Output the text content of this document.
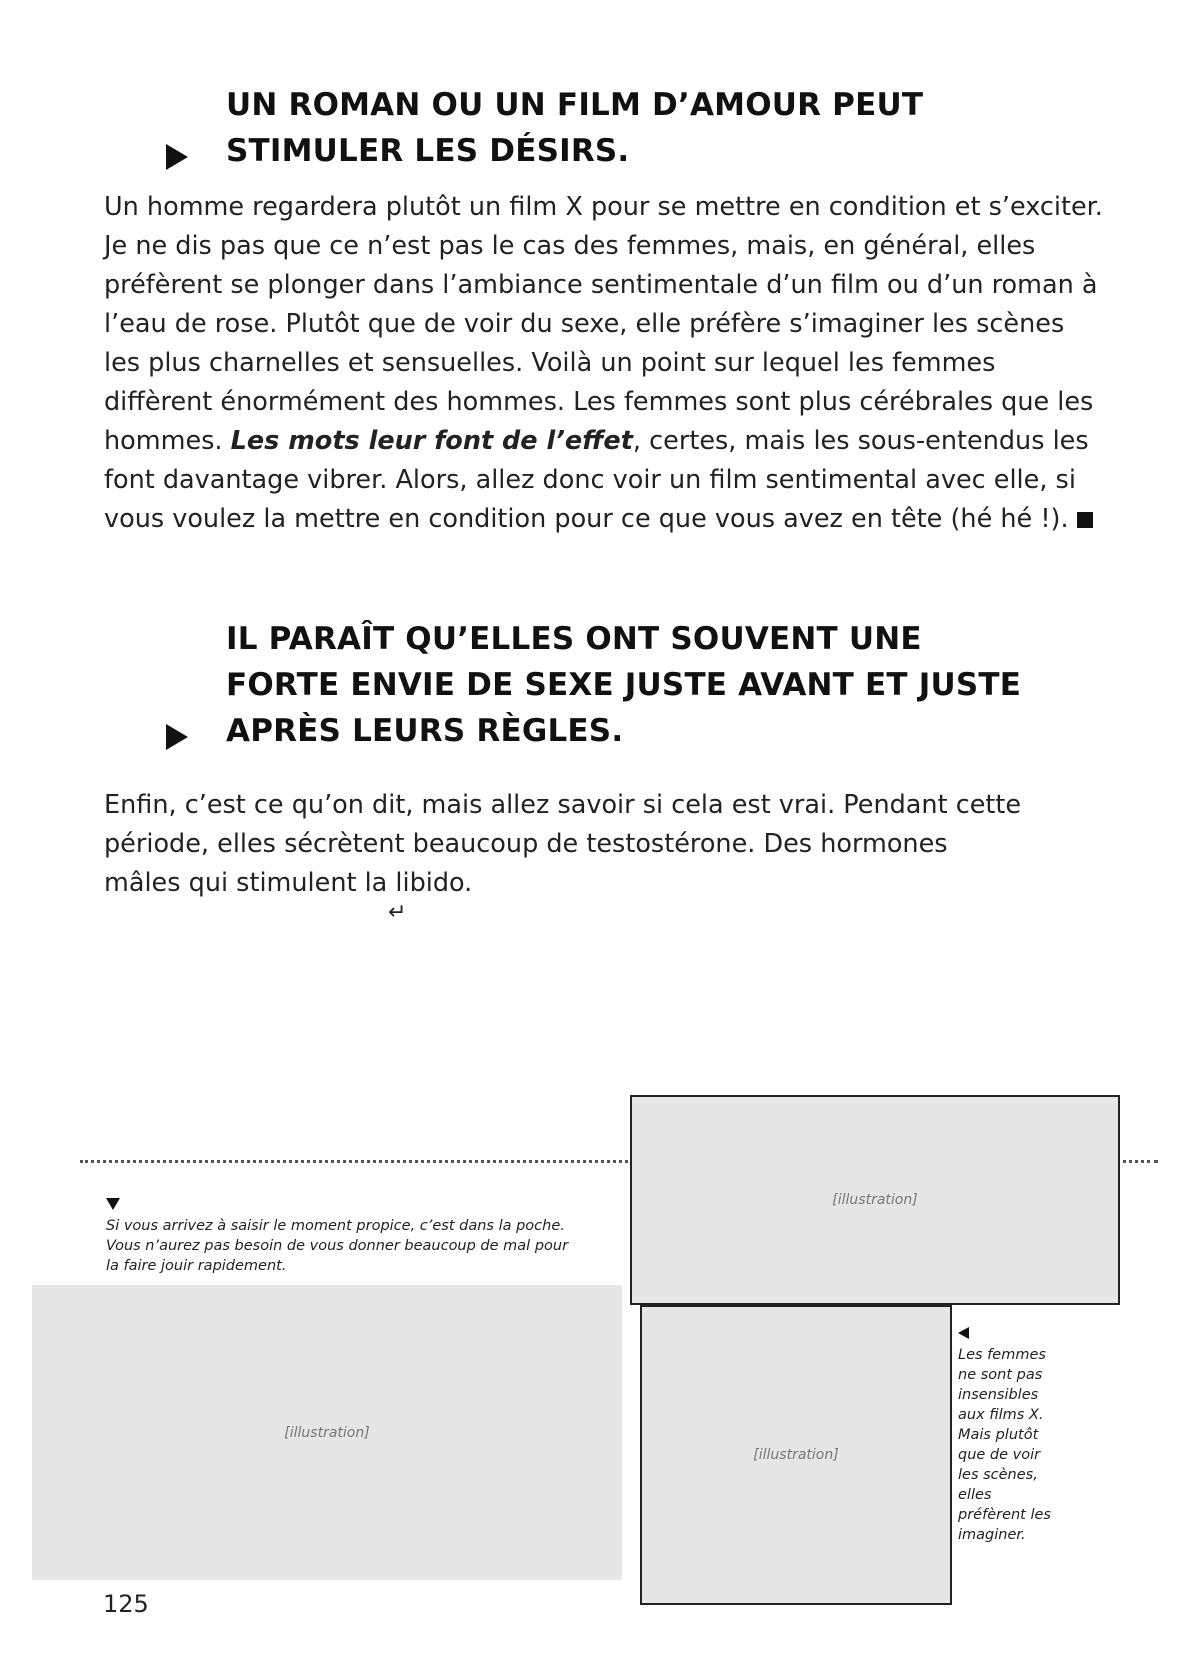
UN ROMAN OU UN FILM D’AMOUR PEUT
STIMULER LES DÉSIRS.
Un homme regardera plutôt un film X pour se mettre en condition et s’exciter. Je ne dis pas que ce n’est pas le cas des femmes, mais, en général, elles préfèrent se plonger dans l’ambiance sentimentale d’un film ou d’un roman à l’eau de rose. Plutôt que de voir du sexe, elle préfère s’imaginer les scènes les plus charnelles et sensuelles. Voilà un point sur lequel les femmes diffèrent énormément des hommes. Les femmes sont plus cérébrales que les hommes. Les mots leur font de l’effet, certes, mais les sous-entendus les font davantage vibrer. Alors, allez donc voir un film sentimental avec elle, si vous voulez la mettre en condition pour ce que vous avez en tête (hé hé !).
IL PARAÎT QU’ELLES ONT SOUVENT UNE
FORTE ENVIE DE SEXE JUSTE AVANT ET JUSTE
APRÈS LEURS RÈGLES.
Enfin, c’est ce qu’on dit, mais allez savoir si cela est vrai. Pendant cette période, elles sécrètent beaucoup de testostérone. Des hormones mâles qui stimulent la libido.
↵
Si vous arrivez à saisir le moment propice, c’est dans la poche. Vous n’aurez pas besoin de vous donner beaucoup de mal pour la faire jouir rapidement.
[illustration]
[illustration]
[illustration]
Les femmes ne sont pas insensibles aux films X. Mais plutôt que de voir les scènes, elles préfèrent les imaginer.
125
